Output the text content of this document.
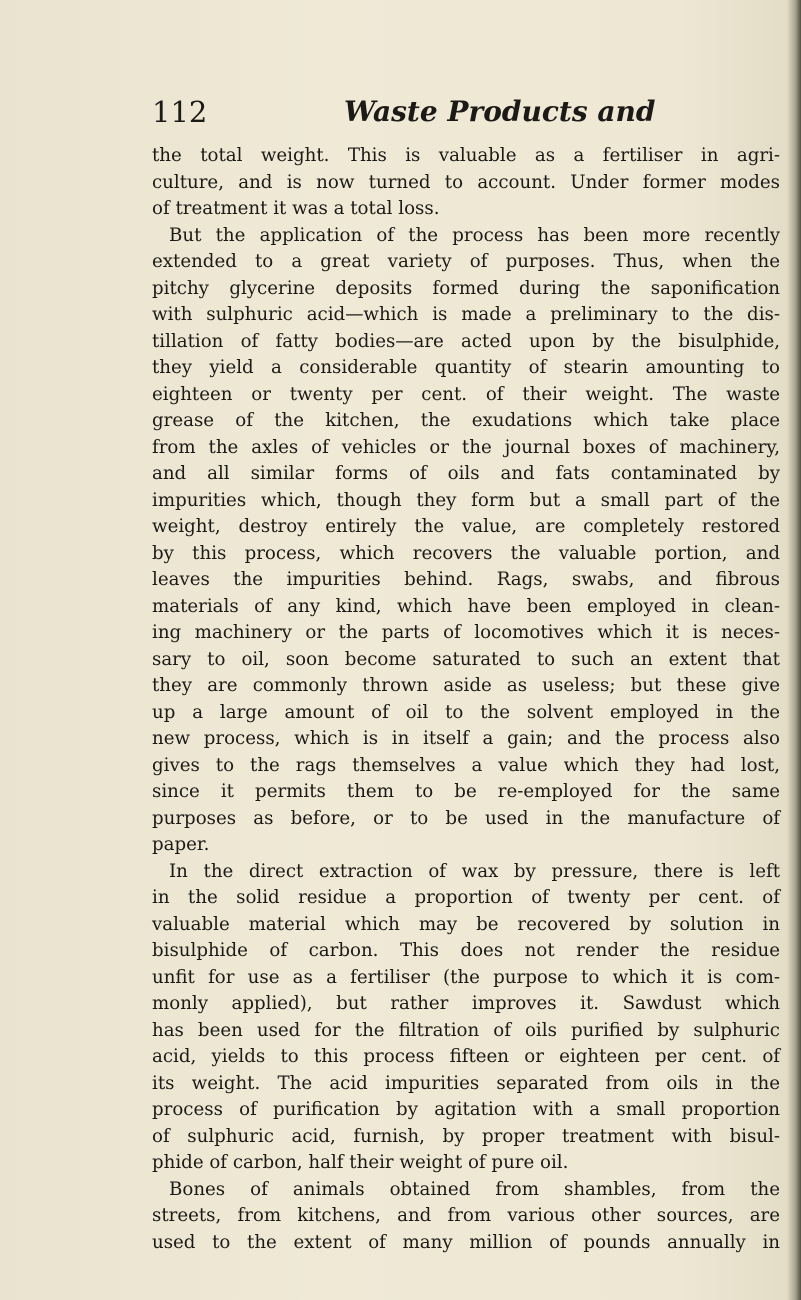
112	Waste Products and
the total weight. This is valuable as a fertiliser in agri-
culture, and is now turned to account. Under former modes
of treatment it was a total loss.
But the application of the process has been more recently
extended to a great variety of purposes. Thus, when the
pitchy glycerine deposits formed during the saponification
with sulphuric acid—which is made a preliminary to the dis-
tillation of fatty bodies—are acted upon by the bisulphide,
they yield a considerable quantity of stearin amounting to
eighteen or twenty per cent. of their weight. The waste
grease of the kitchen, the exudations which take place
from the axles of vehicles or the journal boxes of machinery,
and all similar forms of oils and fats contaminated by
impurities which, though they form but a small part of the
weight, destroy entirely the value, are completely restored
by this process, which recovers the valuable portion, and
leaves the impurities behind. Rags, swabs, and fibrous
materials of any kind, which have been employed in clean-
ing machinery or the parts of locomotives which it is neces-
sary to oil, soon become saturated to such an extent that
they are commonly thrown aside as useless; but these give
up a large amount of oil to the solvent employed in the
new process, which is in itself a gain; and the process also
gives to the rags themselves a value which they had lost,
since it permits them to be re-employed for the same
purposes as before, or to be used in the manufacture of
paper.
In the direct extraction of wax by pressure, there is left
in the solid residue a proportion of twenty per cent. of
valuable material which may be recovered by solution in
bisulphide of carbon. This does not render the residue
unfit for use as a fertiliser (the purpose to which it is com-
monly applied), but rather improves it. Sawdust which
has been used for the filtration of oils purified by sulphuric
acid, yields to this process fifteen or eighteen per cent. of
its weight. The acid impurities separated from oils in the
process of purification by agitation with a small proportion
of sulphuric acid, furnish, by proper treatment with bisul-
phide of carbon, half their weight of pure oil.
Bones of animals obtained from shambles, from the
streets, from kitchens, and from various other sources, are
used to the extent of many million of pounds annually in
